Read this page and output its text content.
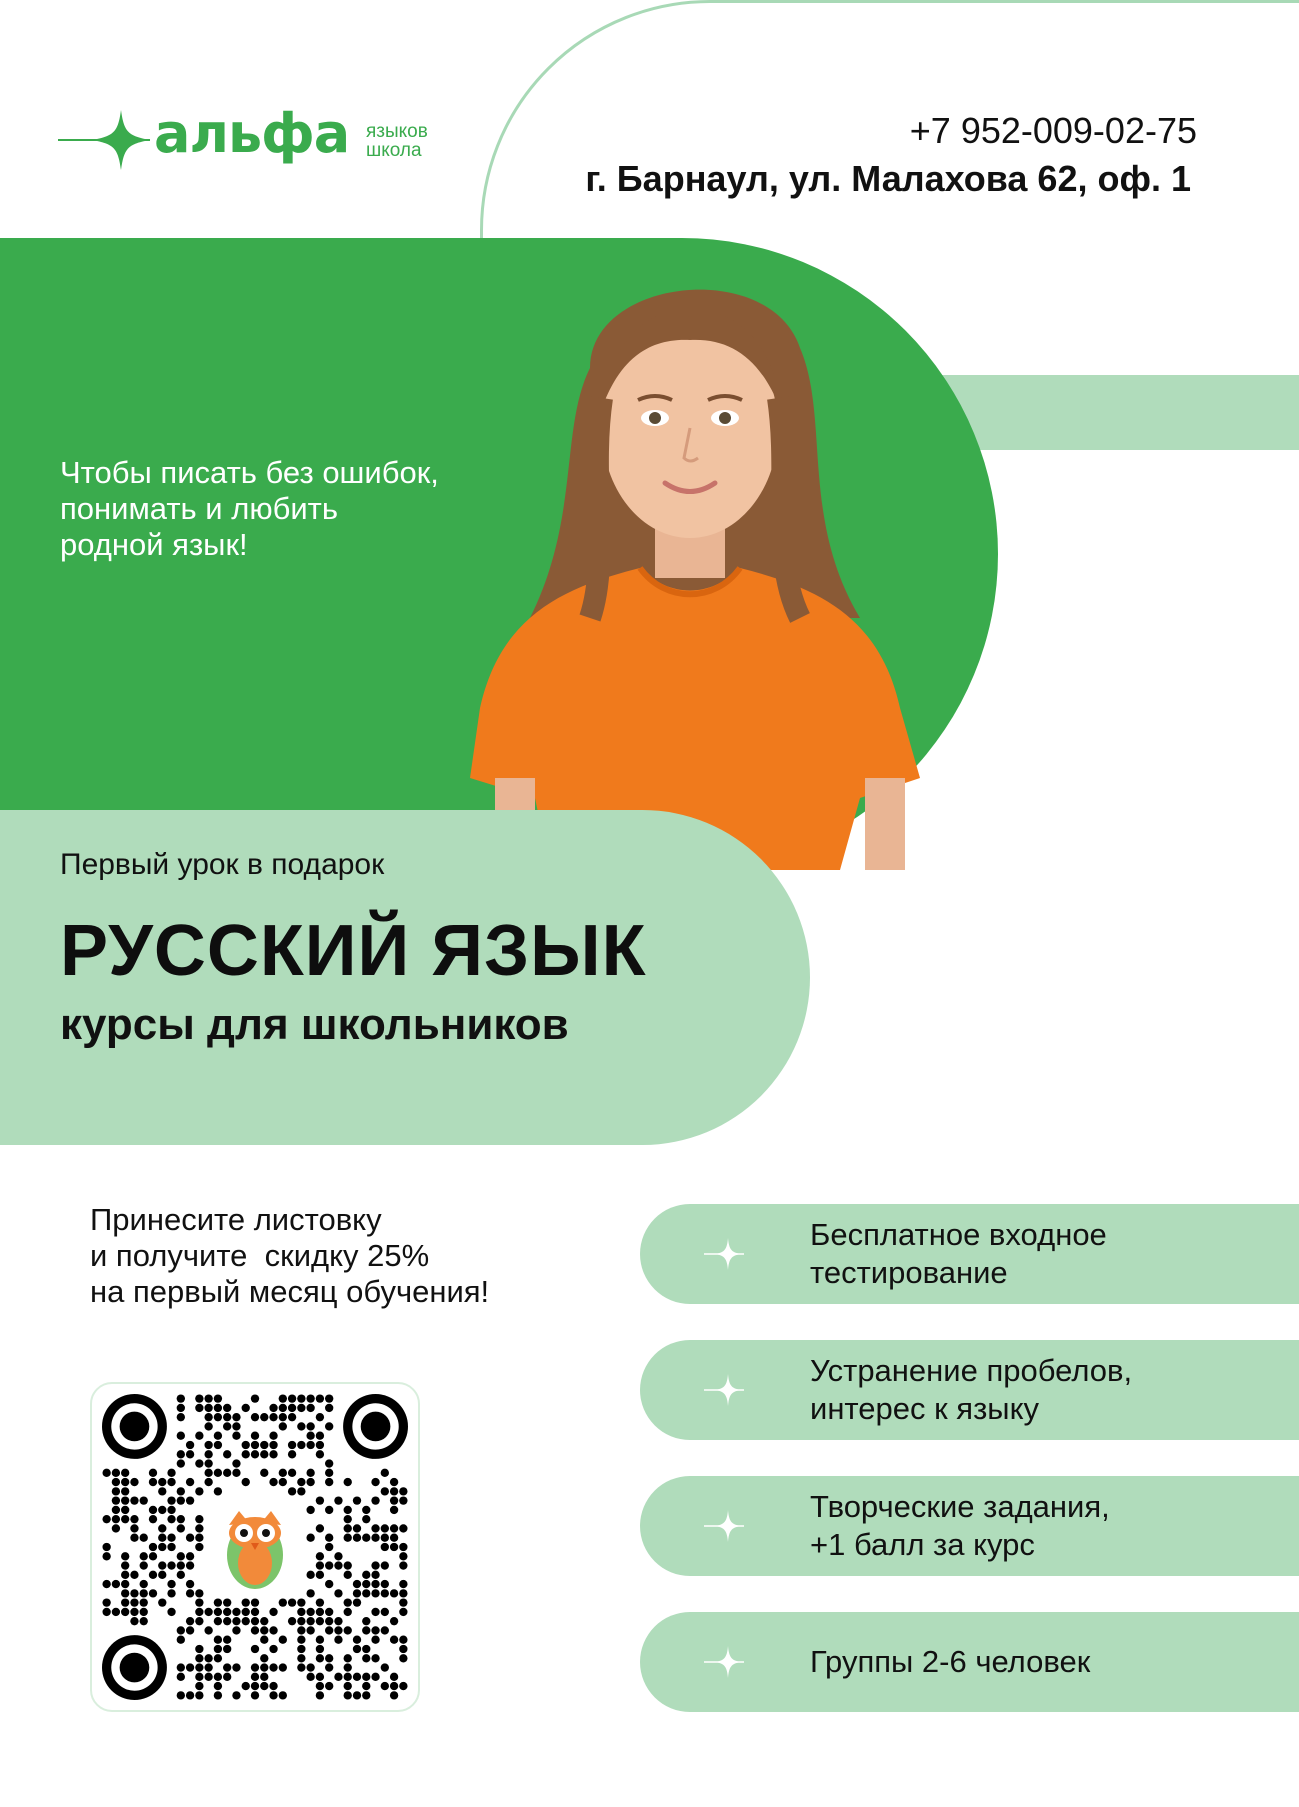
альфа языков
школа	+7 952-009-02-75
г. Барнаул, ул. Малахова 62, оф. 1
Чтобы писать без ошибок,
понимать и любить
родной язык!
Первый урок в подарок
РУССКИЙ ЯЗЫК
курсы для школьников
Принесите листовку
и получите  скидку 25%
на первый месяц обучения!
Бесплатное входное
тестирование
Устранение пробелов,
интерес к языку
Творческие задания,
+1 балл за курс
Группы 2-6 человек
